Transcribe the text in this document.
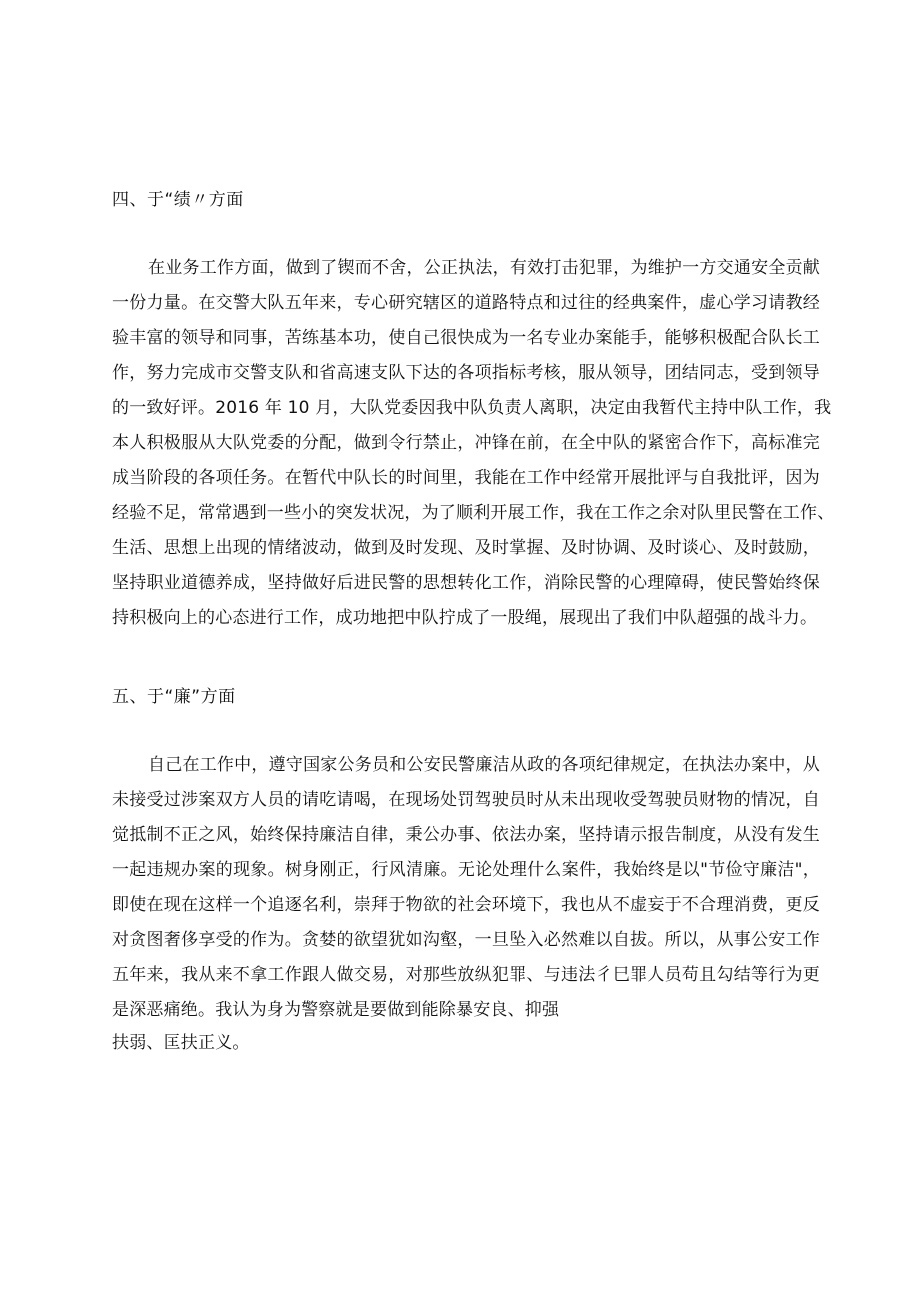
四、于“绩〃方面
在业务工作方面，做到了锲而不舍，公正执法，有效打击犯罪，为维护一方交通安全贡献
一份力量。在交警大队五年来，专心研究辖区的道路特点和过往的经典案件，虚心学习请教经
验丰富的领导和同事，苦练基本功，使自己很快成为一名专业办案能手，能够积极配合队长工
作，努力完成市交警支队和省高速支队下达的各项指标考核，服从领导，团结同志，受到领导
的一致好评。2016 年 10 月，大队党委因我中队负责人离职，决定由我暂代主持中队工作，我
本人积极服从大队党委的分配，做到令行禁止，冲锋在前，在全中队的紧密合作下，高标准完
成当阶段的各项任务。在暂代中队长的时间里，我能在工作中经常开展批评与自我批评，因为
经验不足，常常遇到一些小的突发状况，为了顺利开展工作，我在工作之余对队里民警在工作、
生活、思想上出现的情绪波动，做到及时发现、及时掌握、及时协调、及时谈心、及时鼓励，
坚持职业道德养成，坚持做好后进民警的思想转化工作，消除民警的心理障碍，使民警始终保
持积极向上的心态进行工作，成功地把中队拧成了一股绳，展现出了我们中队超强的战斗力。
五、于“廉”方面
自己在工作中，遵守国家公务员和公安民警廉洁从政的各项纪律规定，在执法办案中，从
未接受过涉案双方人员的请吃请喝，在现场处罚驾驶员时从未出现收受驾驶员财物的情况，自
觉抵制不正之风，始终保持廉洁自律，秉公办事、依法办案，坚持请示报告制度，从没有发生
一起违规办案的现象。树身刚正，行风清廉。无论处理什么案件，我始终是以"节俭守廉洁"，
即使在现在这样一个追逐名利，崇拜于物欲的社会环境下，我也从不虚妄于不合理消费，更反
对贪图奢侈享受的作为。贪婪的欲望犹如沟壑，一旦坠入必然难以自拔。所以，从事公安工作
五年来，我从来不拿工作跟人做交易，对那些放纵犯罪、与违法彳巳罪人员苟且勾结等行为更
是深恶痛绝。我认为身为警察就是要做到能除暴安良、抑强

扶弱、匡扶正义。
